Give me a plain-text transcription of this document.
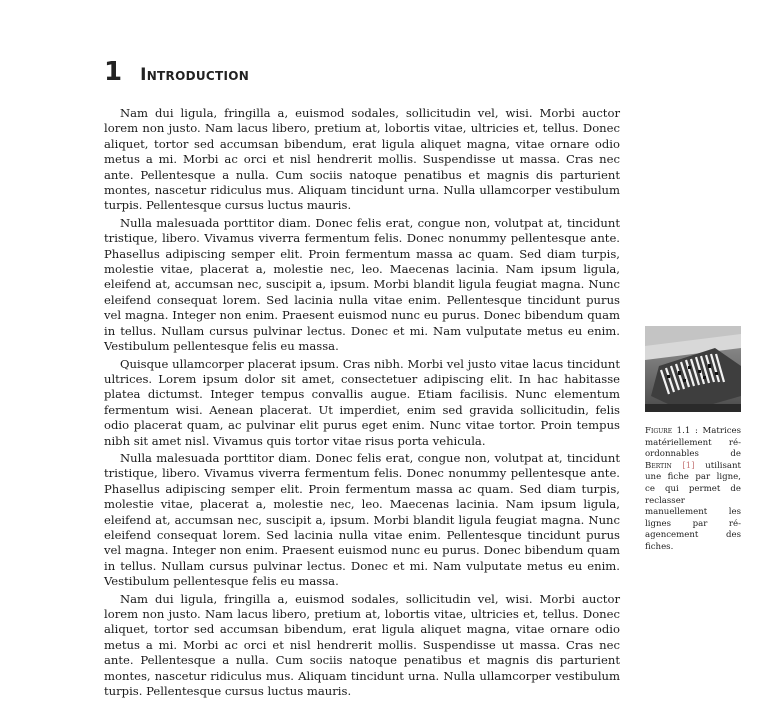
1 Introduction

Nam dui ligula, fringilla a, euismod sodales, sollicitudin vel, wisi. Morbi auctor lorem non justo. Nam lacus libero, pretium at, lobortis vitae, ultricies et, tellus. Donec aliquet, tortor sed accumsan bibendum, erat ligula aliquet magna, vitae ornare odio metus a mi. Morbi ac orci et nisl hendrerit mollis. Suspendisse ut massa. Cras nec ante. Pellentesque a nulla. Cum sociis natoque penatibus et magnis dis parturient montes, nascetur ridiculus mus. Aliquam tincidunt urna. Nulla ullamcorper vestibulum turpis. Pellentesque cursus luctus mauris.

Nulla malesuada porttitor diam. Donec felis erat, congue non, volutpat at, tincidunt tristique, libero. Vivamus viverra fermentum felis. Donec nonummy pellentesque ante. Phasellus adipiscing semper elit. Proin fermentum massa ac quam. Sed diam turpis, molestie vitae, placerat a, molestie nec, leo. Maecenas lacinia. Nam ipsum ligula, eleifend at, accumsan nec, suscipit a, ipsum. Morbi blandit ligula feugiat magna. Nunc eleifend consequat lorem. Sed lacinia nulla vitae enim. Pellentesque tincidunt purus vel magna. Integer non enim. Praesent euismod nunc eu purus. Donec bibendum quam in tellus. Nullam cursus pulvinar lectus. Donec et mi. Nam vulputate metus eu enim. Vestibulum pellentesque felis eu massa.

Quisque ullamcorper placerat ipsum. Cras nibh. Morbi vel justo vitae lacus tincidunt ultrices. Lorem ipsum dolor sit amet, consectetuer adipiscing elit. In hac habitasse platea dictumst. Integer tempus convallis augue. Etiam facilisis. Nunc elementum fermentum wisi. Aenean placerat. Ut imperdiet, enim sed gravida sollicitudin, felis odio placerat quam, ac pulvinar elit purus eget enim. Nunc vitae tortor. Proin tempus nibh sit amet nisl. Vivamus quis tortor vitae risus porta vehicula.

Nulla malesuada porttitor diam. Donec felis erat, congue non, volutpat at, tincidunt tristique, libero. Vivamus viverra fermentum felis. Donec nonummy pellentesque ante. Phasellus adipiscing semper elit. Proin fermentum massa ac quam. Sed diam turpis, molestie vitae, placerat a, molestie nec, leo. Maecenas lacinia. Nam ipsum ligula, eleifend at, accumsan nec, suscipit a, ipsum. Morbi blandit ligula feugiat magna. Nunc eleifend consequat lorem. Sed lacinia nulla vitae enim. Pellentesque tincidunt purus vel magna. Integer non enim. Praesent euismod nunc eu purus. Donec bibendum quam in tellus. Nullam cursus pulvinar lectus. Donec et mi. Nam vulputate metus eu enim. Vestibulum pellentesque felis eu massa.

Nam dui ligula, fringilla a, euismod sodales, sollicitudin vel, wisi. Morbi auctor lorem non justo. Nam lacus libero, pretium at, lobortis vitae, ultricies et, tellus. Donec aliquet, tortor sed accumsan bibendum, erat ligula aliquet magna, vitae ornare odio metus a mi. Morbi ac orci et nisl hendrerit mollis. Suspendisse ut massa. Cras nec ante. Pellentesque a nulla. Cum sociis natoque penatibus et magnis dis parturient montes, nascetur ridiculus mus. Aliquam tincidunt urna. Nulla ullamcorper vestibulum turpis. Pellentesque cursus luctus mauris.

Figure 1.1 : Matrices matériellement ré-ordonnables de Bertin [1] utilisant une fiche par ligne, ce qui permet de reclasser manuellement les lignes par ré-agencement des fiches.
